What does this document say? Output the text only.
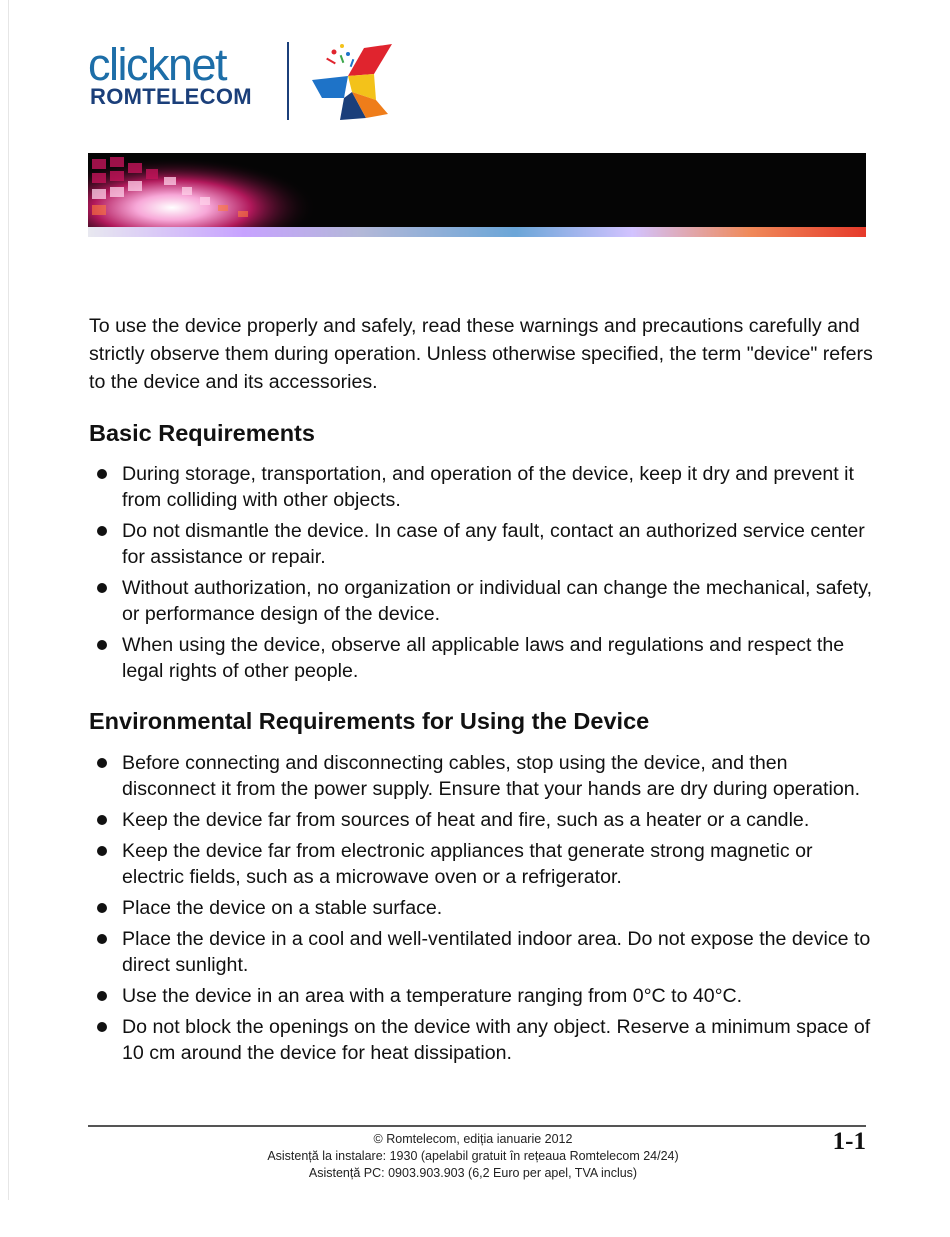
clicknet
ROMTELECOM

To use the device properly and safely, read these warnings and precautions carefully and strictly observe them during operation. Unless otherwise specified, the term "device" refers to the device and its accessories.

Basic Requirements
During storage, transportation, and operation of the device, keep it dry and prevent it from colliding with other objects.
Do not dismantle the device. In case of any fault, contact an authorized service center for assistance or repair.
Without authorization, no organization or individual can change the mechanical, safety, or performance design of the device.
When using the device, observe all applicable laws and regulations and respect the legal rights of other people.
Environmental Requirements for Using the Device
Before connecting and disconnecting cables, stop using the device, and then disconnect it from the power supply. Ensure that your hands are dry during operation.
Keep the device far from sources of heat and fire, such as a heater or a candle.
Keep the device far from electronic appliances that generate strong magnetic or electric fields, such as a microwave oven or a refrigerator.
Place the device on a stable surface.
Place the device in a cool and well-ventilated indoor area. Do not expose the device to direct sunlight.
Use the device in an area with a temperature ranging from 0°C to 40°C.
Do not block the openings on the device with any object. Reserve a minimum space of 10 cm around the device for heat dissipation.
© Romtelecom, ediția ianuarie 2012
Asistență la instalare: 1930 (apelabil gratuit în rețeaua Romtelecom 24/24)
Asistență PC: 0903.903.903 (6,2 Euro per apel, TVA inclus)
1-1
